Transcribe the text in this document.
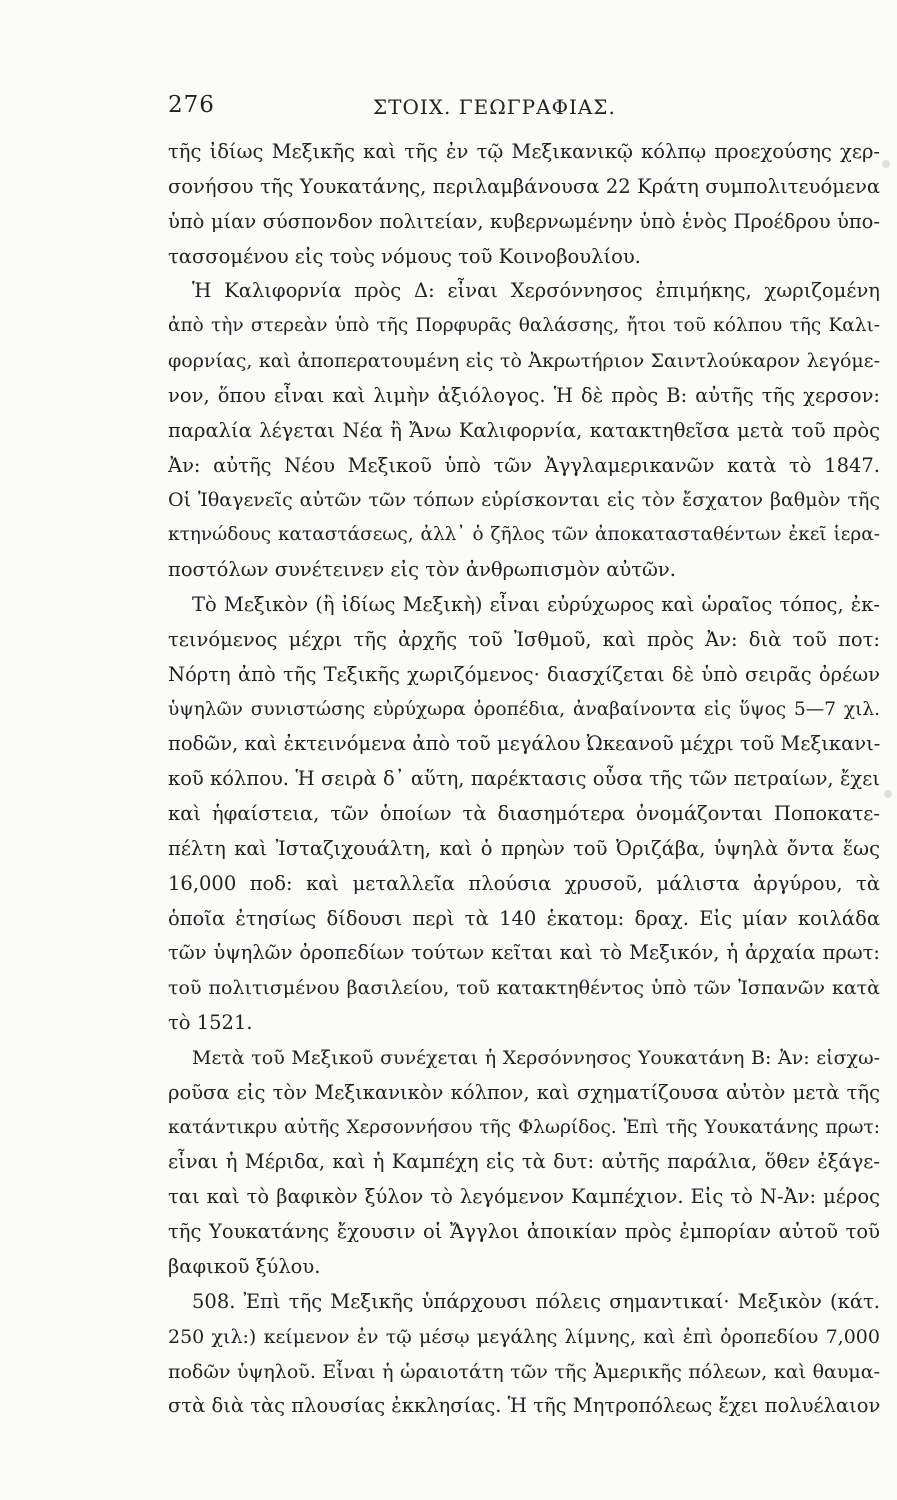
276	ΣΤΟΙΧ. ΓΕΩΓΡΑΦΙΑΣ.
τῆς ἰδίως Μεξικῆς καὶ τῆς ἐν τῷ Μεξικανικῷ κόλπῳ προεχούσης χερ-
σονήσου τῆς Υουκατάνης, περιλαμβάνουσα 22 Κράτη συμπολιτευόμενα
ὑπὸ μίαν σύσπονδον πολιτείαν, κυβερνωμένην ὑπὸ ἑνὸς Προέδρου ὑπο-
τασσομένου εἰς τοὺς νόμους τοῦ Κοινοβουλίου.
Ἡ Καλιφορνία πρὸς Δ: εἶναι Χερσόννησος ἐπιμήκης, χωριζομένη
ἀπὸ τὴν στερεὰν ὑπὸ τῆς Πορφυρᾶς θαλάσσης, ἤτοι τοῦ κόλπου τῆς Καλι-
φορνίας, καὶ ἀποπερατουμένη εἰς τὸ Ἀκρωτήριον Σαιντλούκαρον λεγόμε-
νον, ὅπου εἶναι καὶ λιμὴν ἀξιόλογος. Ἡ δὲ πρὸς Β: αὐτῆς τῆς χερσον:
παραλία λέγεται Νέα ἢ Ἄνω Καλιφορνία, κατακτηθεῖσα μετὰ τοῦ πρὸς
Ἀν: αὐτῆς Νέου Μεξικοῦ ὑπὸ τῶν Ἀγγλαμερικανῶν κατὰ τὸ 1847.
Οἱ Ἰθαγενεῖς αὐτῶν τῶν τόπων εὑρίσκονται εἰς τὸν ἔσχατον βαθμὸν τῆς
κτηνώδους καταστάσεως, ἀλλ᾽ ὁ ζῆλος τῶν ἀποκατασταθέντων ἐκεῖ ἱερα-
ποστόλων συνέτεινεν εἰς τὸν ἀνθρωπισμὸν αὐτῶν.
Τὸ Μεξικὸν (ἢ ἰδίως Μεξικὴ) εἶναι εὐρύχωρος καὶ ὡραῖος τόπος, ἐκ-
τεινόμενος μέχρι τῆς ἀρχῆς τοῦ Ἰσθμοῦ, καὶ πρὸς Ἀν: διὰ τοῦ ποτ:
Νόρτη ἀπὸ τῆς Τεξικῆς χωριζόμενος· διασχίζεται δὲ ὑπὸ σειρᾶς ὀρέων
ὑψηλῶν συνιστώσης εὐρύχωρα ὀροπέδια, ἀναβαίνοντα εἰς ὕψος 5—7 χιλ.
ποδῶν, καὶ ἐκτεινόμενα ἀπὸ τοῦ μεγάλου Ὠκεανοῦ μέχρι τοῦ Μεξικανι-
κοῦ κόλπου. Ἡ σειρὰ δ᾽ αὕτη, παρέκτασις οὖσα τῆς τῶν πετραίων, ἔχει
καὶ ἡφαίστεια, τῶν ὁποίων τὰ διασημότερα ὀνομάζονται Ποποκατε-
πέλτη καὶ Ἰσταζιχουάλτη, καὶ ὁ πρηὼν τοῦ Ὀριζάβα, ὑψηλὰ ὄντα ἕως
16,000 ποδ: καὶ μεταλλεῖα πλούσια χρυσοῦ, μάλιστα ἀργύρου, τὰ
ὁποῖα ἐτησίως δίδουσι περὶ τὰ 140 ἑκατομ: δραχ. Εἰς μίαν κοιλάδα
τῶν ὑψηλῶν ὀροπεδίων τούτων κεῖται καὶ τὸ Μεξικόν, ἡ ἀρχαία πρωτ:
τοῦ πολιτισμένου βασιλείου, τοῦ κατακτηθέντος ὑπὸ τῶν Ἰσπανῶν κατὰ
τὸ 1521.
Μετὰ τοῦ Μεξικοῦ συνέχεται ἡ Χερσόννησος Υουκατάνη Β: Ἀν: εἰσχω-
ροῦσα εἰς τὸν Μεξικανικὸν κόλπον, καὶ σχηματίζουσα αὐτὸν μετὰ τῆς
κατάντικρυ αὐτῆς Χερσοννήσου τῆς Φλωρίδος. Ἐπὶ τῆς Υουκατάνης πρωτ:
εἶναι ἡ Μέριδα, καὶ ἡ Καμπέχη εἰς τὰ δυτ: αὐτῆς παράλια, ὅθεν ἐξάγε-
ται καὶ τὸ βαφικὸν ξύλον τὸ λεγόμενον Καμπέχιον. Εἰς τὸ Ν-Ἀν: μέρος
τῆς Υουκατάνης ἔχουσιν οἱ Ἄγγλοι ἀποικίαν πρὸς ἐμπορίαν αὐτοῦ τοῦ
βαφικοῦ ξύλου.
508. Ἐπὶ τῆς Μεξικῆς ὑπάρχουσι πόλεις σημαντικαί· Μεξικὸν (κάτ.
250 χιλ:) κείμενον ἐν τῷ μέσῳ μεγάλης λίμνης, καὶ ἐπὶ ὀροπεδίου 7,000
ποδῶν ὑψηλοῦ. Εἶναι ἡ ὡραιοτάτη τῶν τῆς Ἀμερικῆς πόλεων, καὶ θαυμα-
στὰ διὰ τὰς πλουσίας ἐκκλησίας. Ἡ τῆς Μητροπόλεως ἔχει πολυέλαιον
